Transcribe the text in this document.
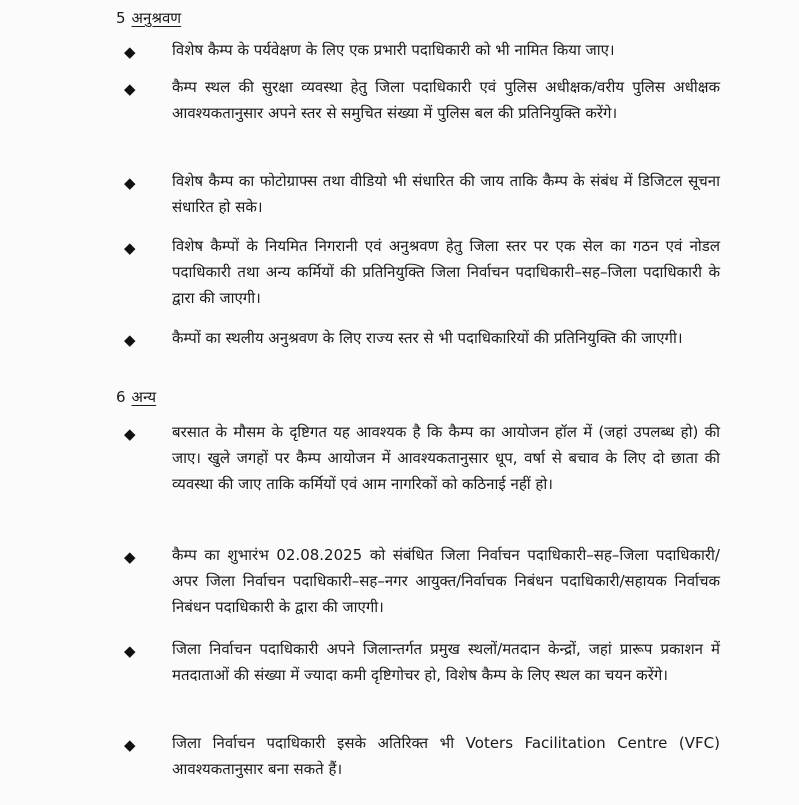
5 अनुश्रवण
◆
विशेष कैम्प के पर्यवेक्षण के लिए एक प्रभारी पदाधिकारी को भी नामित किया जाए।
◆
कैम्प स्थल की सुरक्षा व्यवस्था हेतु जिला पदाधिकारी एवं पुलिस अधीक्षक/वरीय पुलिस अधीक्षक आवश्यकतानुसार अपने स्तर से समुचित संख्या में पुलिस बल की प्रतिनियुक्ति करेंगे।
◆
विशेष कैम्प का फोटोग्राफ्स तथा वीडियो भी संधारित की जाय ताकि कैम्प के संबंध में डिजिटल सूचना संधारित हो सके।
◆
विशेष कैम्पों के नियमित निगरानी एवं अनुश्रवण हेतु जिला स्तर पर एक सेल का गठन एवं नोडल पदाधिकारी तथा अन्य कर्मियों की प्रतिनियुक्ति जिला निर्वाचन पदाधिकारी–सह–जिला पदाधिकारी के द्वारा की जाएगी।
◆
कैम्पों का स्थलीय अनुश्रवण के लिए राज्य स्तर से भी पदाधिकारियों की प्रतिनियुक्ति की जाएगी।
6 अन्य
◆
बरसात के मौसम के दृष्टिगत यह आवश्यक है कि कैम्प का आयोजन हॉल में (जहां उपलब्ध हो) की जाए। खुले जगहों पर कैम्प आयोजन में आवश्यकतानुसार धूप, वर्षा से बचाव के लिए दो छाता की व्यवस्था की जाए ताकि कर्मियों एवं आम नागरिकों को कठिनाई नहीं हो।
◆
कैम्प का शुभारंभ 02.08.2025 को संबंधित जिला निर्वाचन पदाधिकारी–सह–जिला पदाधिकारी/अपर जिला निर्वाचन पदाधिकारी–सह–नगर आयुक्त/निर्वाचक निबंधन पदाधिकारी/सहायक निर्वाचक निबंधन पदाधिकारी के द्वारा की जाएगी।
◆
जिला निर्वाचन पदाधिकारी अपने जिलान्तर्गत प्रमुख स्थलों/मतदान केन्द्रों, जहां प्रारूप प्रकाशन में मतदाताओं की संख्या में ज्यादा कमी दृष्टिगोचर हो, विशेष कैम्प के लिए स्थल का चयन करेंगे।
◆
जिला निर्वाचन पदाधिकारी इसके अतिरिक्त भी Voters Facilitation Centre (VFC) आवश्यकतानुसार बना सकते हैं।
